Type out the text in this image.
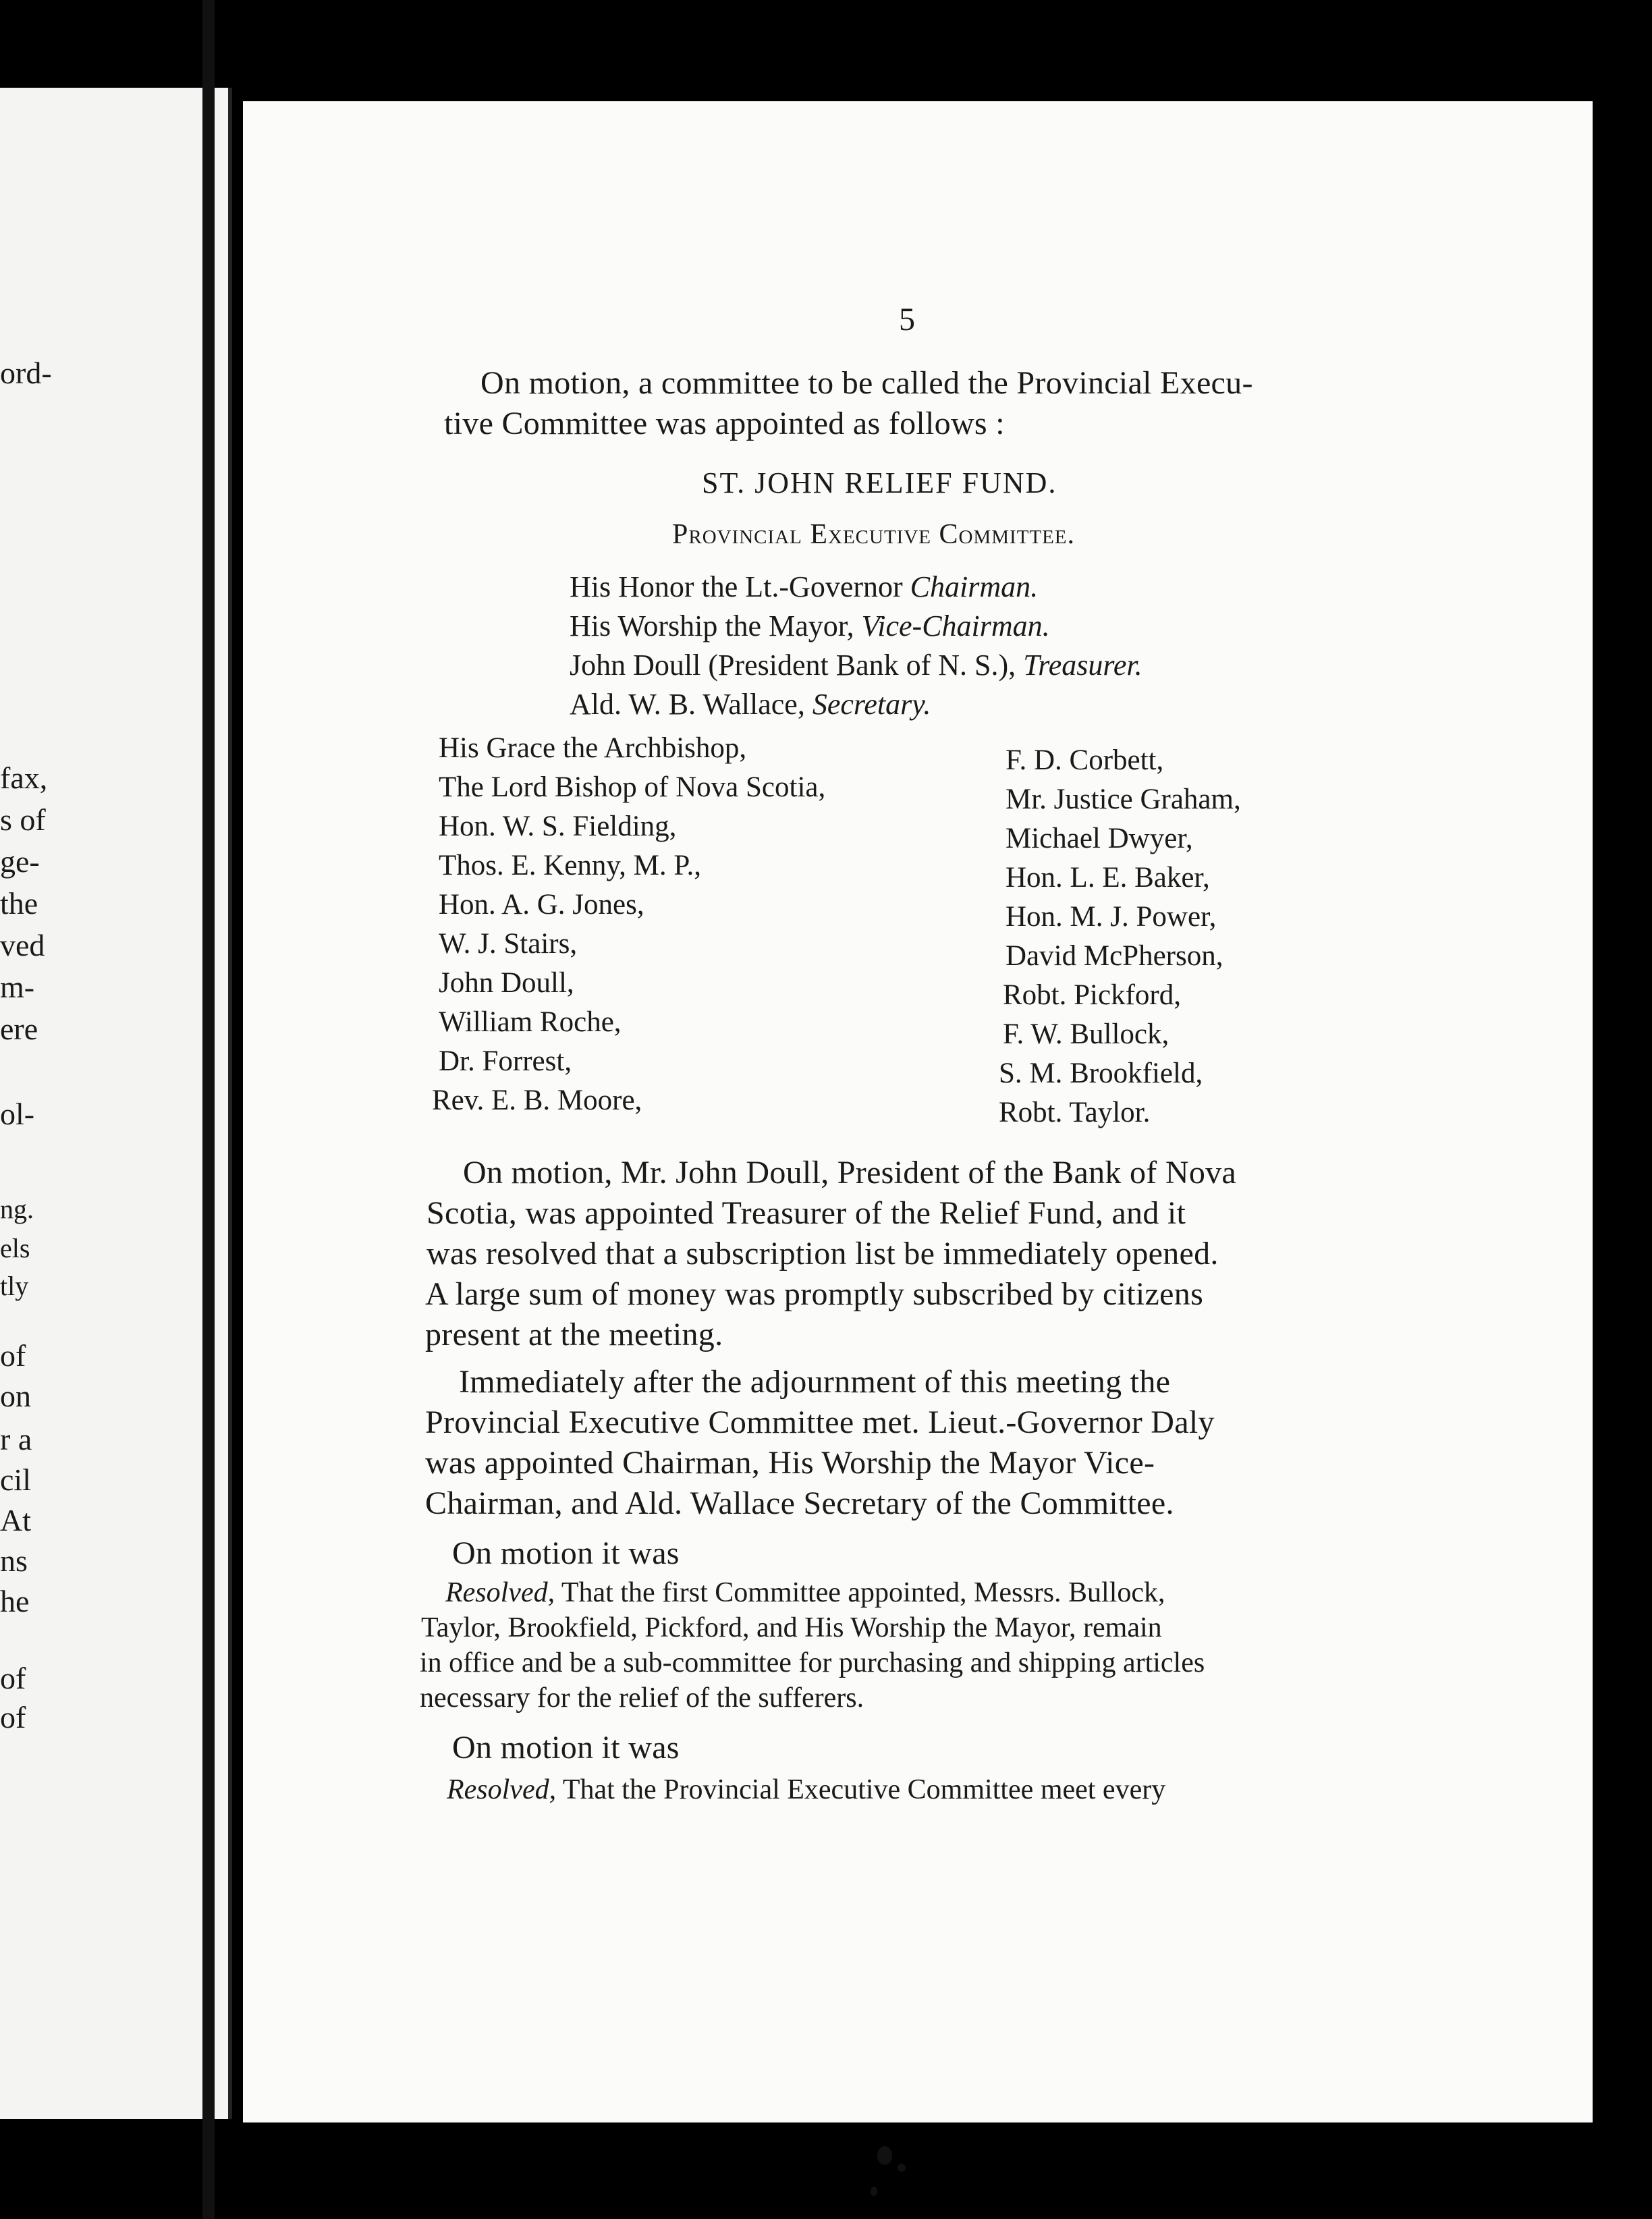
ord-
fax,
s of
ge-
the
ved
m-
ere
ol-
ng.
els
tly
of
on
r a
cil
At
ns
he
of
of
5
On motion, a committee to be called the Provincial Execu-
tive Committee was appointed as follows :
ST. JOHN RELIEF FUND.
Provincial Executive Committee.
His Honor the Lt.-Governor Chairman.
His Worship the Mayor, Vice-Chairman.
John Doull (President Bank of N. S.), Treasurer.
Ald. W. B. Wallace, Secretary.
His Grace the Archbishop,
The Lord Bishop of Nova Scotia,
Hon. W. S. Fielding,
Thos. E. Kenny, M. P.,
Hon. A. G. Jones,
W. J. Stairs,
John Doull,
William Roche,
Dr. Forrest,
Rev. E. B. Moore,
F. D. Corbett,
Mr. Justice Graham,
Michael Dwyer,
Hon. L. E. Baker,
Hon. M. J. Power,
David McPherson,
Robt. Pickford,
F. W. Bullock,
S. M. Brookfield,
Robt. Taylor.
On motion, Mr. John Doull, President of the Bank of Nova
Scotia, was appointed Treasurer of the Relief Fund, and it
was resolved that a subscription list be immediately opened.
A large sum of money was promptly subscribed by citizens
present at the meeting.
Immediately after the adjournment of this meeting the
Provincial Executive Committee met. Lieut.-Governor Daly
was appointed Chairman, His Worship the Mayor Vice-
Chairman, and Ald. Wallace Secretary of the Committee.
On motion it was
Resolved, That the first Committee appointed, Messrs. Bullock,
Taylor, Brookfield, Pickford, and His Worship the Mayor, remain
in office and be a sub-committee for purchasing and shipping articles
necessary for the relief of the sufferers.
On motion it was
Resolved, That the Provincial Executive Committee meet every
